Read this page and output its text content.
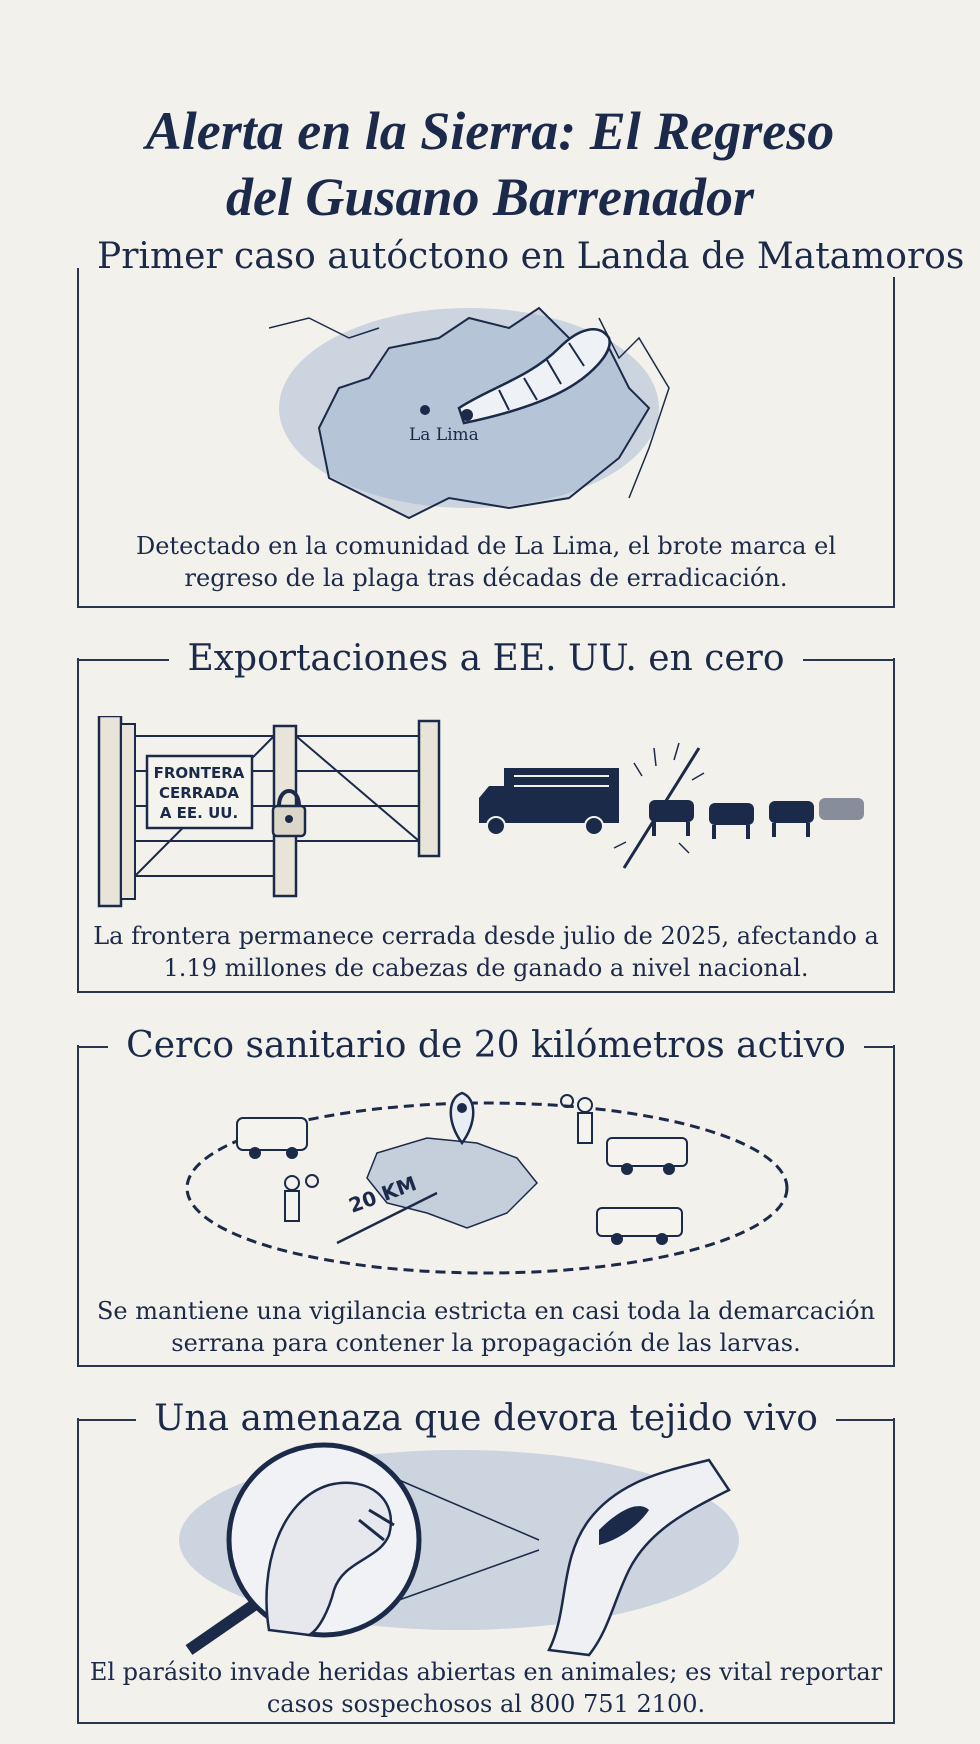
Alerta en la Sierra: El Regreso
del Gusano Barrenador
Primer caso autóctono en Landa de Matamoros
La Lima
Detectado en la comunidad de La Lima, el brote marca el
regreso de la plaga tras décadas de erradicación.
Exportaciones a EE. UU. en cero
FRONTERA
CERRADA
A EE. UU.
La frontera permanece cerrada desde julio de 2025, afectando a
1.19 millones de cabezas de ganado a nivel nacional.
Cerco sanitario de 20 kilómetros activo
20 KM
Se mantiene una vigilancia estricta en casi toda la demarcación
serrana para contener la propagación de las larvas.
Una amenaza que devora tejido vivo
El parásito invade heridas abiertas en animales; es vital reportar
casos sospechosos al 800 751 2100.
